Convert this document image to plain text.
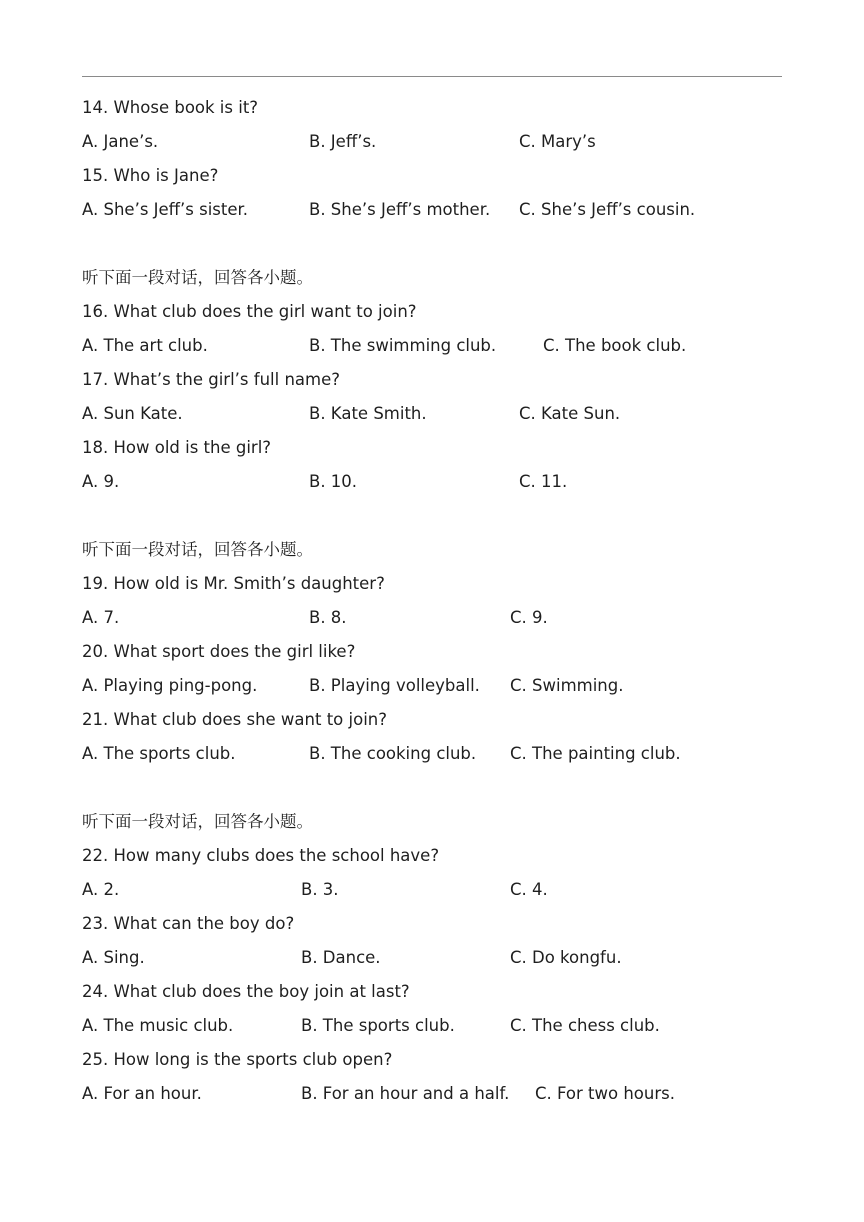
14. Whose book is it?
A. Jane’s.	B. Jeff’s.	C. Mary’s
15. Who is Jane?
A. She’s Jeff’s sister.	B. She’s Jeff’s mother. C. She’s Jeff’s cousin.
听下面一段对话，回答各小题。
16. What club does the girl want to join?
A. The art club.	B. The swimming club.	C. The book club.
17. What’s the girl’s full name?
A. Sun Kate.	B. Kate Smith.	C. Kate Sun.
18. How old is the girl?
A. 9.	B. 10.	C. 11.
听下面一段对话，回答各小题。
19. How old is Mr. Smith’s daughter?
A. 7.	B. 8.	C. 9.
20. What sport does the girl like?
A. Playing ping-pong.	B. Playing volleyball. C. Swimming.
21. What club does she want to join?
A. The sports club.	B. The cooking club. C. The painting club.
听下面一段对话，回答各小题。
22. How many clubs does the school have?
A. 2.	B. 3.	C. 4.
23. What can the boy do?
A. Sing.	B. Dance.	C. Do kongfu.
24. What club does the boy join at last?
A. The music club.	B. The sports club.	C. The chess club.
25. How long is the sports club open?
A. For an hour.	B. For an hour and a half. C. For two hours.
